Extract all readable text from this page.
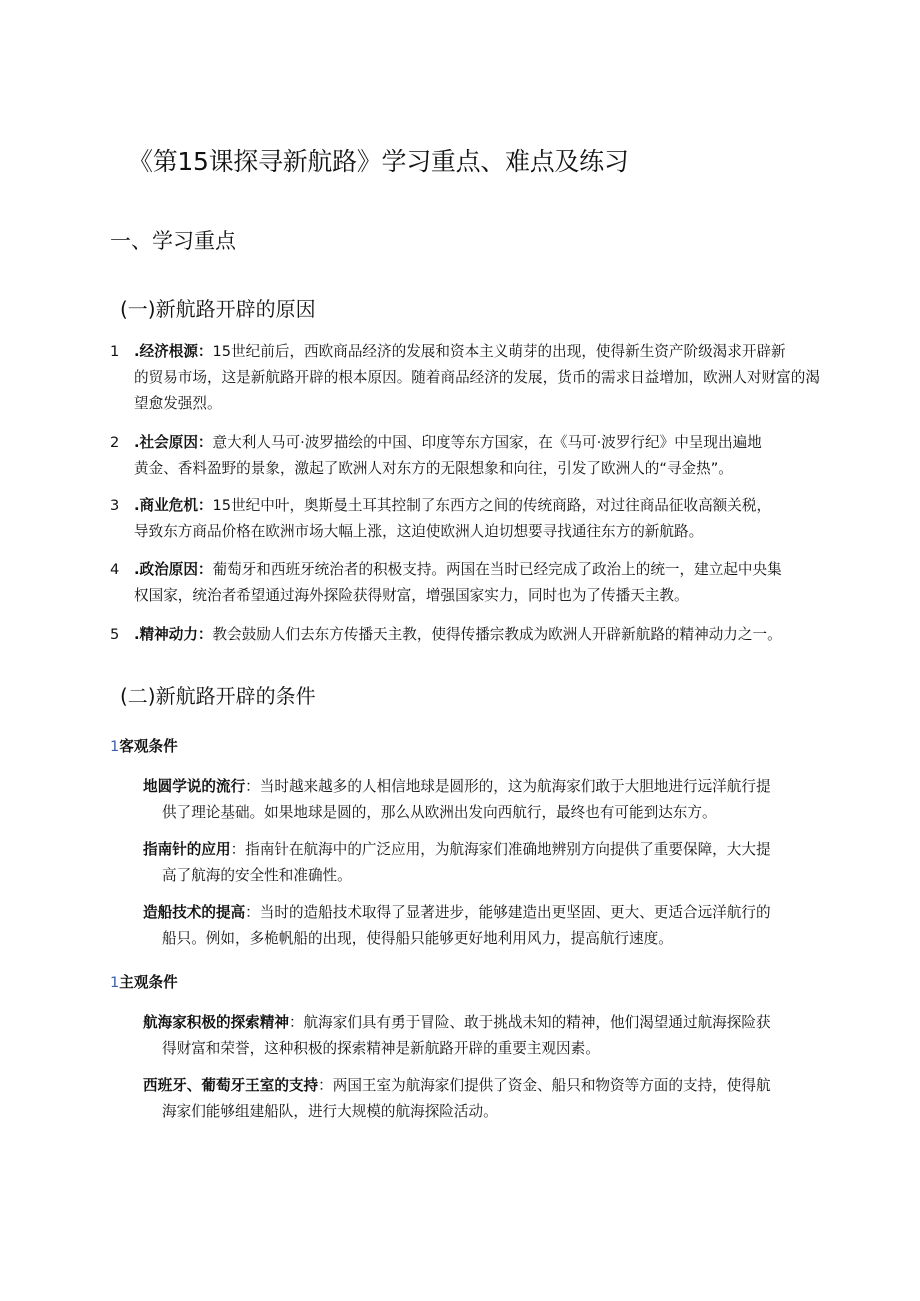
《第15课探寻新航路》学习重点、难点及练习
一、学习重点
(一)新航路开辟的原因
1	.经济根源：15世纪前后，西欧商品经济的发展和资本主义萌芽的出现，使得新生资产阶级渴求开辟新
的贸易市场，这是新航路开辟的根本原因。随着商品经济的发展，货币的需求日益增加，欧洲人对财富的渴望愈发强烈。
2	.社会原因：意大利人马可·波罗描绘的中国、印度等东方国家，在《马可·波罗行纪》中呈现出遍地
黄金、香料盈野的景象，激起了欧洲人对东方的无限想象和向往，引发了欧洲人的“寻金热”。
3	.商业危机：15世纪中叶，奥斯曼土耳其控制了东西方之间的传统商路，对过往商品征收高额关税，
导致东方商品价格在欧洲市场大幅上涨，这迫使欧洲人迫切想要寻找通往东方的新航路。
4	.政治原因：葡萄牙和西班牙统治者的积极支持。两国在当时已经完成了政治上的统一，建立起中央集
权国家，统治者希望通过海外探险获得财富，增强国家实力，同时也为了传播天主教。
5	.精神动力：教会鼓励人们去东方传播天主教，使得传播宗教成为欧洲人开辟新航路的精神动力之一。
(二)新航路开辟的条件
1客观条件
地圆学说的流行：当时越来越多的人相信地球是圆形的，这为航海家们敢于大胆地进行远洋航行提
供了理论基础。如果地球是圆的，那么从欧洲出发向西航行，最终也有可能到达东方。
指南针的应用：指南针在航海中的广泛应用，为航海家们准确地辨别方向提供了重要保障，大大提
高了航海的安全性和准确性。
造船技术的提高：当时的造船技术取得了显著进步，能够建造出更坚固、更大、更适合远洋航行的
船只。例如，多桅帆船的出现，使得船只能够更好地利用风力，提高航行速度。
1主观条件
航海家积极的探索精神：航海家们具有勇于冒险、敢于挑战未知的精神，他们渴望通过航海探险获
得财富和荣誉，这种积极的探索精神是新航路开辟的重要主观因素。
西班牙、葡萄牙王室的支持：两国王室为航海家们提供了资金、船只和物资等方面的支持，使得航
海家们能够组建船队，进行大规模的航海探险活动。
